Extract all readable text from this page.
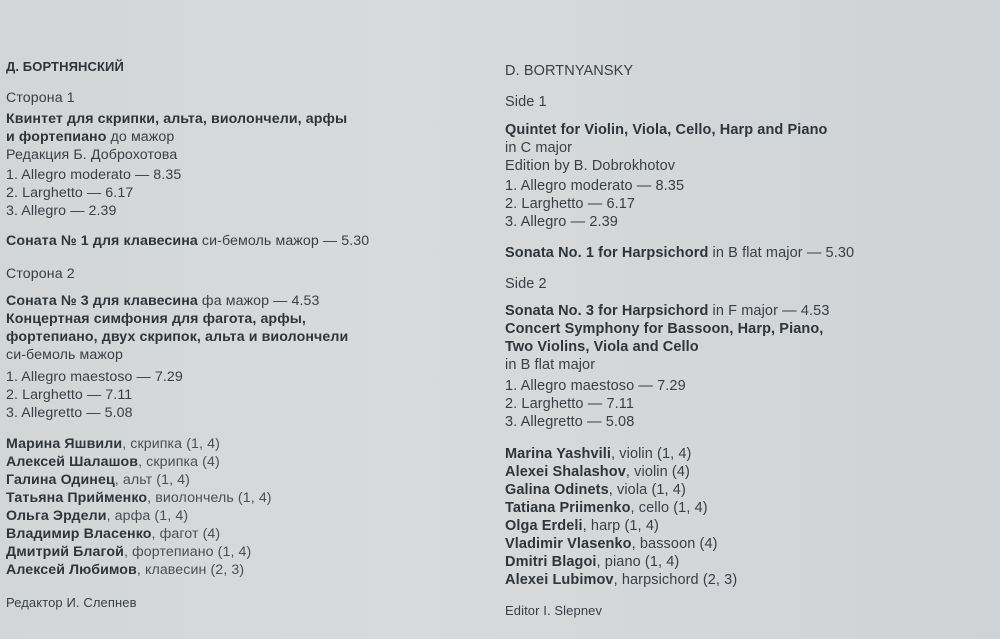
Д. БОРТНЯНСКИЙ
Сторона 1
Квинтет для скрипки, альта, виолончели, арфы
и фортепиано до мажор
Редакция Б. Доброхотова
1. Allegro moderato — 8.35
2. Larghetto — 6.17
3. Allegro — 2.39
Соната № 1 для клавесина си-бемоль мажор — 5.30
Сторона 2
Соната № 3 для клавесина фа мажор — 4.53
Концертная симфония для фагота, арфы,
фортепиано, двух скрипок, альта и виолончели
си-бемоль мажор
1. Allegro maestoso — 7.29
2. Larghetto — 7.11
3. Allegretto — 5.08
Марина Яшвили, скрипка (1, 4)
Алексей Шалашов, скрипка (4)
Галина Одинец, альт (1, 4)
Татьяна Прийменко, виолончель (1, 4)
Ольга Эрдели, арфа (1, 4)
Владимир Власенко, фагот (4)
Дмитрий Благой, фортепиано (1, 4)
Алексей Любимов, клавесин (2, 3)
Редактор И. Слепнев
D. BORTNYANSKY
Side 1
Quintet for Violin, Viola, Cello, Harp and Piano
in C major
Edition by B. Dobrokhotov
1. Allegro moderato — 8.35
2. Larghetto — 6.17
3. Allegro — 2.39
Sonata No. 1 for Harpsichord in B flat major — 5.30
Side 2
Sonata No. 3 for Harpsichord in F major — 4.53
Concert Symphony for Bassoon, Harp, Piano,
Two Violins, Viola and Cello
in B flat major
1. Allegro maestoso — 7.29
2. Larghetto — 7.11
3. Allegretto — 5.08
Marina Yashvili, violin (1, 4)
Alexei Shalashov, violin (4)
Galina Odinets, viola (1, 4)
Tatiana Priimenko, cello (1, 4)
Olga Erdeli, harp (1, 4)
Vladimir Vlasenko, bassoon (4)
Dmitri Blagoi, piano (1, 4)
Alexei Lubimov, harpsichord (2, 3)
Editor I. Slepnev
